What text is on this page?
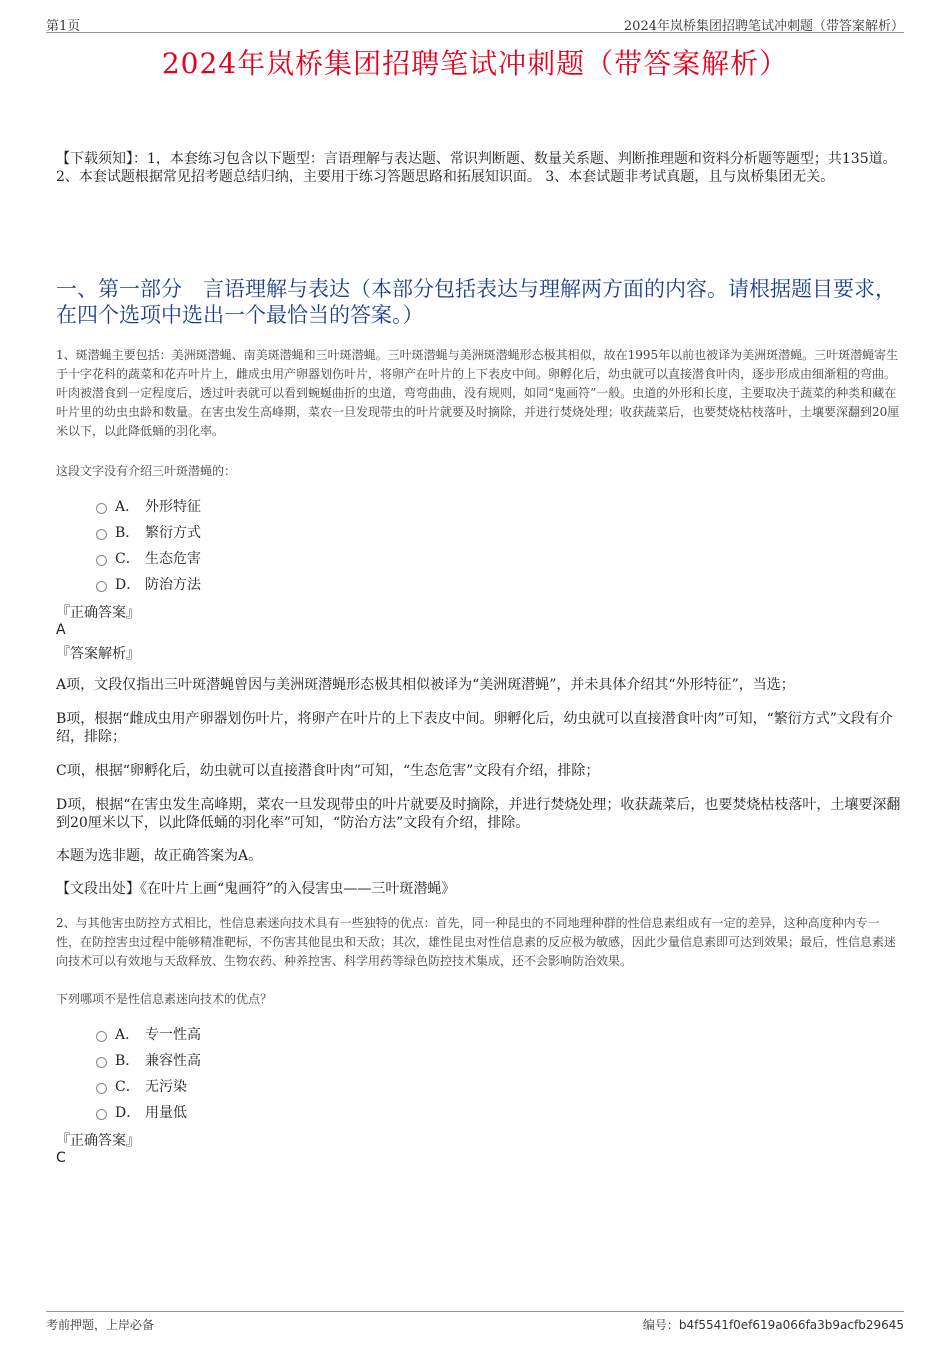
第1页	2024年岚桥集团招聘笔试冲刺题（带答案解析）
2024年岚桥集团招聘笔试冲刺题（带答案解析）
【下载须知】：1，本套练习包含以下题型：言语理解与表达题、常识判断题、数量关系题、判断推理题和资料分析题等题型；共135道。 2、本套试题根据常见招考题总结归纳，主要用于练习答题思路和拓展知识面。 3、本套试题非考试真题，且与岚桥集团无关。
一、第一部分　言语理解与表达（本部分包括表达与理解两方面的内容。请根据题目要求，在四个选项中选出一个最恰当的答案。）
1、斑潜蝇主要包括：美洲斑潜蝇、南美斑潜蝇和三叶斑潜蝇。三叶斑潜蝇与美洲斑潜蝇形态极其相似，故在1995年以前也被译为美洲斑潜蝇。三叶斑潜蝇寄生于十字花科的蔬菜和花卉叶片上，雌成虫用产卵器划伤叶片，将卵产在叶片的上下表皮中间。卵孵化后，幼虫就可以直接潜食叶肉，逐步形成由细渐粗的弯曲。叶肉被潜食到一定程度后，透过叶表就可以看到蜿蜒曲折的虫道，弯弯曲曲，没有规则，如同“鬼画符”一般。虫道的外形和长度，主要取决于蔬菜的种类和藏在叶片里的幼虫虫龄和数量。在害虫发生高峰期，菜农一旦发现带虫的叶片就要及时摘除，并进行焚烧处理；收获蔬菜后，也要焚烧枯枝落叶，土壤要深翻到20厘米以下，以此降低蛹的羽化率。
这段文字没有介绍三叶斑潜蝇的：
A． 外形特征
B． 繁衍方式
C． 生态危害
D． 防治方法
『正确答案』
A
『答案解析』
A项，文段仅指出三叶斑潜蝇曾因与美洲斑潜蝇形态极其相似被译为“美洲斑潜蝇”，并未具体介绍其“外形特征”，当选；
B项，根据“雌成虫用产卵器划伤叶片，将卵产在叶片的上下表皮中间。卵孵化后，幼虫就可以直接潜食叶肉”可知，“繁衍方式”文段有介绍，排除；
C项，根据“卵孵化后，幼虫就可以直接潜食叶肉”可知，“生态危害”文段有介绍，排除；
D项，根据“在害虫发生高峰期，菜农一旦发现带虫的叶片就要及时摘除，并进行焚烧处理；收获蔬菜后，也要焚烧枯枝落叶，土壤要深翻到20厘米以下，以此降低蛹的羽化率”可知，“防治方法”文段有介绍，排除。
本题为选非题，故正确答案为A。
【文段出处】《在叶片上画“鬼画符”的入侵害虫——三叶斑潜蝇》
2、与其他害虫防控方式相比，性信息素迷向技术具有一些独特的优点：首先，同一种昆虫的不同地理种群的性信息素组成有一定的差异，这种高度种内专一性，在防控害虫过程中能够精准靶标，不伤害其他昆虫和天敌；其次，雄性昆虫对性信息素的反应极为敏感，因此少量信息素即可达到效果；最后，性信息素迷向技术可以有效地与天敌释放、生物农药、种养控害、科学用药等绿色防控技术集成，还不会影响防治效果。
下列哪项不是性信息素迷向技术的优点？
A． 专一性高
B． 兼容性高
C． 无污染
D． 用量低
『正确答案』
C
考前押题，上岸必备	编号：b4f5541f0ef619a066fa3b9acfb29645
